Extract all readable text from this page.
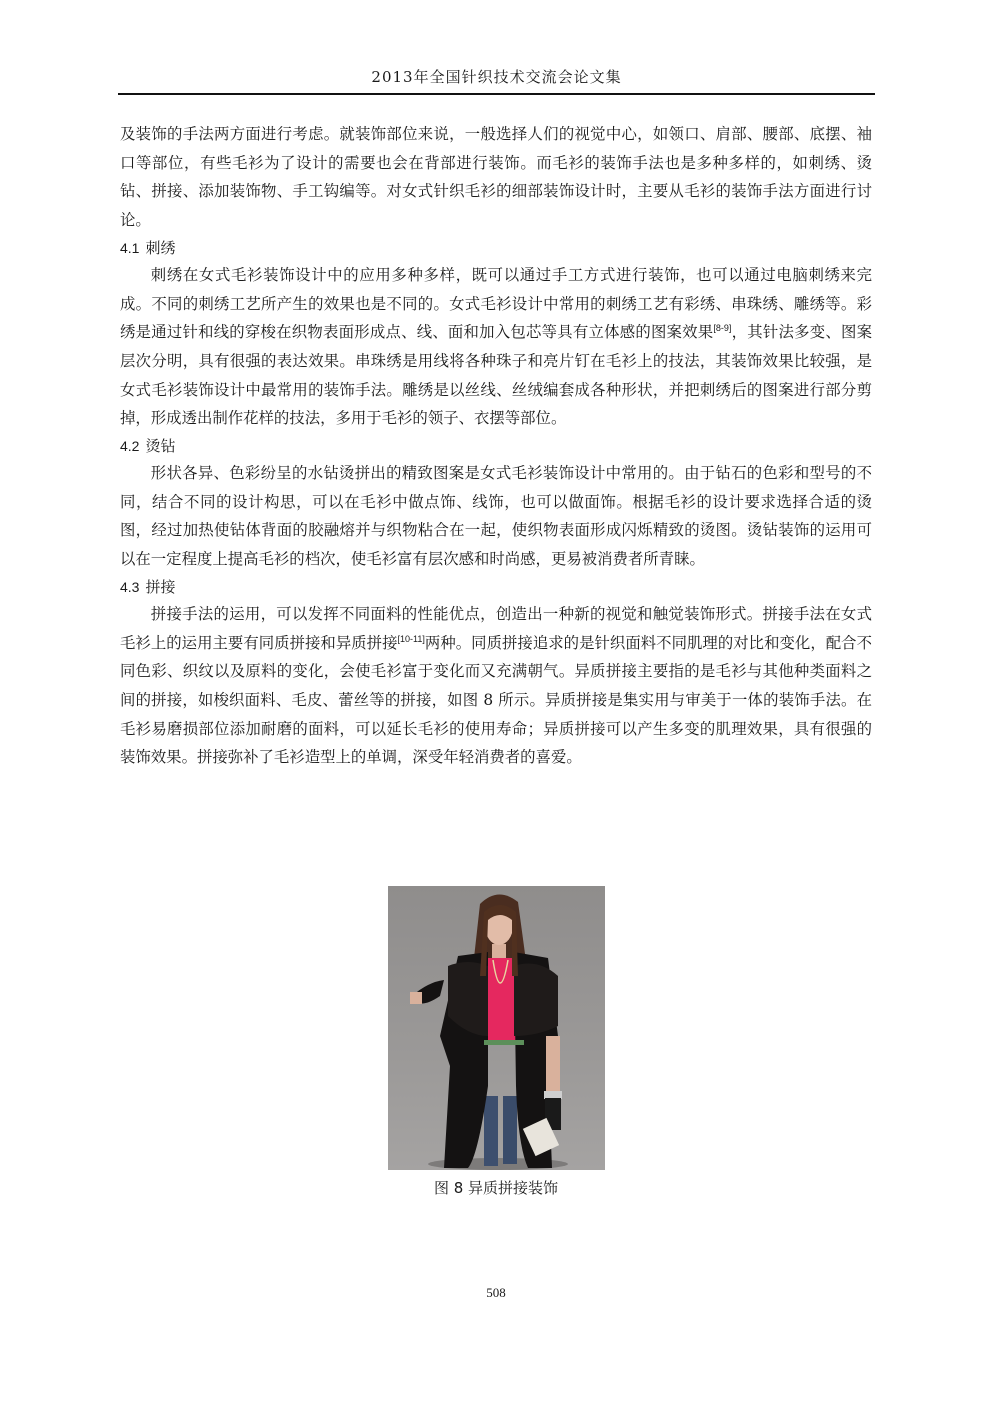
2013年全国针织技术交流会论文集

及装饰的手法两方面进行考虑。就装饰部位来说，一般选择人们的视觉中心，如领口、肩部、腰部、底摆、袖口等部位，有些毛衫为了设计的需要也会在背部进行装饰。而毛衫的装饰手法也是多种多样的，如刺绣、烫钻、拼接、添加装饰物、手工钩编等。对女式针织毛衫的细部装饰设计时，主要从毛衫的装饰手法方面进行讨论。

4.1 刺绣

刺绣在女式毛衫装饰设计中的应用多种多样，既可以通过手工方式进行装饰，也可以通过电脑刺绣来完成。不同的刺绣工艺所产生的效果也是不同的。女式毛衫设计中常用的刺绣工艺有彩绣、串珠绣、雕绣等。彩绣是通过针和线的穿梭在织物表面形成点、线、面和加入包芯等具有立体感的图案效果[8-9]，其针法多变、图案层次分明，具有很强的表达效果。串珠绣是用线将各种珠子和亮片钉在毛衫上的技法，其装饰效果比较强，是女式毛衫装饰设计中最常用的装饰手法。雕绣是以丝线、丝绒编套成各种形状，并把刺绣后的图案进行部分剪掉，形成透出制作花样的技法，多用于毛衫的领子、衣摆等部位。

4.2 烫钻

形状各异、色彩纷呈的水钻烫拼出的精致图案是女式毛衫装饰设计中常用的。由于钻石的色彩和型号的不同，结合不同的设计构思，可以在毛衫中做点饰、线饰，也可以做面饰。根据毛衫的设计要求选择合适的烫图，经过加热使钻体背面的胶融熔并与织物粘合在一起，使织物表面形成闪烁精致的烫图。烫钻装饰的运用可以在一定程度上提高毛衫的档次，使毛衫富有层次感和时尚感，更易被消费者所青睐。

4.3 拼接

拼接手法的运用，可以发挥不同面料的性能优点，创造出一种新的视觉和触觉装饰形式。拼接手法在女式毛衫上的运用主要有同质拼接和异质拼接[10-11]两种。同质拼接追求的是针织面料不同肌理的对比和变化，配合不同色彩、织纹以及原料的变化，会使毛衫富于变化而又充满朝气。异质拼接主要指的是毛衫与其他种类面料之间的拼接，如梭织面料、毛皮、蕾丝等的拼接，如图 8 所示。异质拼接是集实用与审美于一体的装饰手法。在毛衫易磨损部位添加耐磨的面料，可以延长毛衫的使用寿命；异质拼接可以产生多变的肌理效果，具有很强的装饰效果。拼接弥补了毛衫造型上的单调，深受年轻消费者的喜爱。

图 8 异质拼接装饰
508
